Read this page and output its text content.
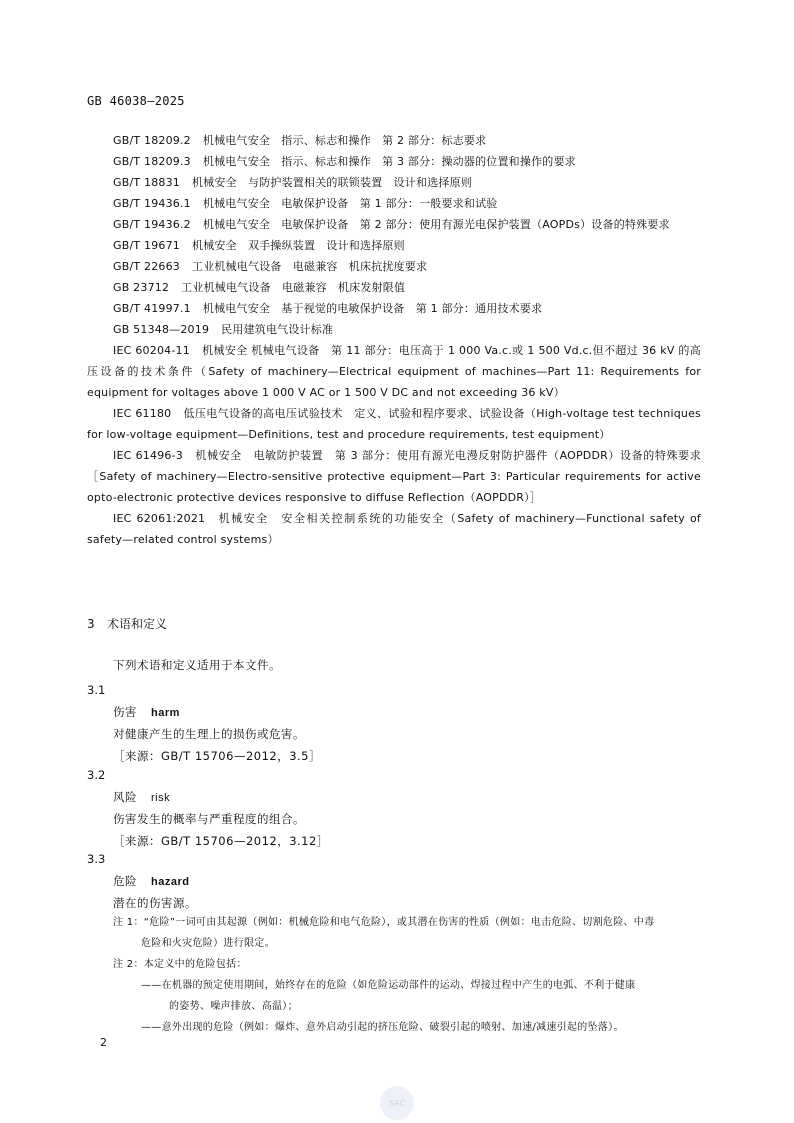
GB 46038—2025

GB/T 18209.2 机械电气安全　指示、标志和操作　第 2 部分：标志要求

GB/T 18209.3 机械电气安全　指示、标志和操作　第 3 部分：操动器的位置和操作的要求

GB/T 18831 机械安全　与防护装置相关的联锁装置　设计和选择原则

GB/T 19436.1 机械电气安全　电敏保护设备　第 1 部分：一般要求和试验

GB/T 19436.2 机械电气安全　电敏保护设备　第 2 部分：使用有源光电保护装置（AOPDs）设备的特殊要求

GB/T 19671 机械安全　双手操纵装置　设计和选择原则

GB/T 22663 工业机械电气设备　电磁兼容　机床抗扰度要求

GB 23712 工业机械电气设备　电磁兼容　机床发射限值

GB/T 41997.1 机械电气安全　基于视觉的电敏保护设备　第 1 部分：通用技术要求

GB 51348—2019 民用建筑电气设计标准

IEC 60204-11 机械安全 机械电气设备　第 11 部分：电压高于 1 000 Va.c.或 1 500 Vd.c.但不超过 36 kV 的高压设备的技术条件（Safety of machinery—Electrical equipment of machines—Part 11: Requirements for equipment for voltages above 1 000 V AC or 1 500 V DC and not exceeding 36 kV）

IEC 61180 低压电气设备的高电压试验技术　定义、试验和程序要求、试验设备（High-voltage test techniques for low-voltage equipment—Definitions, test and procedure requirements, test equipment）

IEC 61496-3 机械安全　电敏防护装置　第 3 部分：使用有源光电漫反射防护器件（AOPDDR）设备的特殊要求［Safety of machinery—Electro-sensitive protective equipment—Part 3: Particular requirements for active opto-electronic protective devices responsive to diffuse Reflection（AOPDDR）］

IEC 62061:2021 机械安全　安全相关控制系统的功能安全（Safety of machinery—Functional safety of safety—related control systems）

3 术语和定义
下列术语和定义适用于本文件。
3.1
伤害 harm
对健康产生的生理上的损伤或危害。
［来源：GB/T 15706—2012，3.5］
3.2
风险 risk
伤害发生的概率与严重程度的组合。
［来源：GB/T 15706—2012，3.12］
3.3
危险 hazard
潜在的伤害源。

注 1：“危险”一词可由其起源（例如：机械危险和电气危险），或其潜在伤害的性质（例如：电击危险、切割危险、中毒

危险和火灾危险）进行限定。

注 2：本定义中的危险包括：

——在机器的预定使用期间，始终存在的危险（如危险运动部件的运动、焊接过程中产生的电弧、不利于健康

的姿势、噪声排放、高温）；

——意外出现的危险（例如：爆炸、意外启动引起的挤压危险、破裂引起的喷射、加速/减速引起的坠落）。

2
SAC
